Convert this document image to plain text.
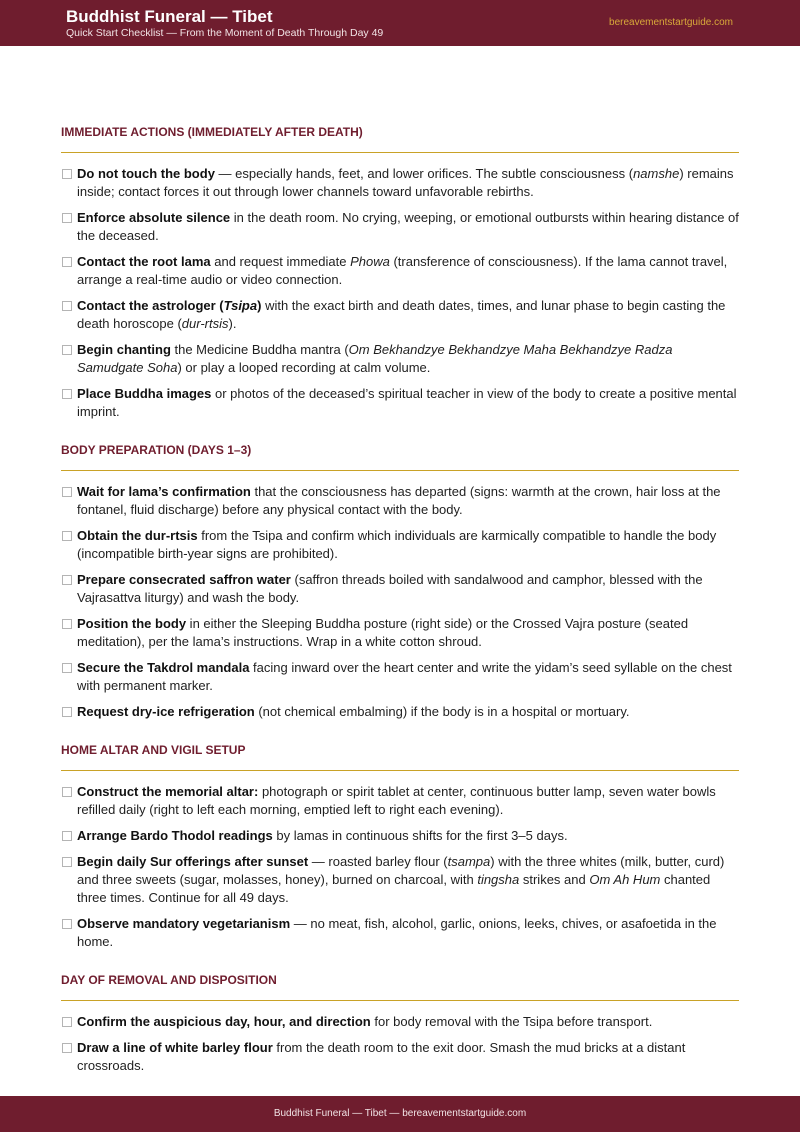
Buddhist Funeral — Tibet
Quick Start Checklist — From the Moment of Death Through Day 49
bereavementstartguide.com
IMMEDIATE ACTIONS (IMMEDIATELY AFTER DEATH)
Do not touch the body — especially hands, feet, and lower orifices. The subtle consciousness (namshe) remains inside; contact forces it out through lower channels toward unfavorable rebirths.
Enforce absolute silence in the death room. No crying, weeping, or emotional outbursts within hearing distance of the deceased.
Contact the root lama and request immediate Phowa (transference of consciousness). If the lama cannot travel, arrange a real-time audio or video connection.
Contact the astrologer (Tsipa) with the exact birth and death dates, times, and lunar phase to begin casting the death horoscope (dur-rtsis).
Begin chanting the Medicine Buddha mantra (Om Bekhandzye Bekhandzye Maha Bekhandzye Radza Samudgate Soha) or play a looped recording at calm volume.
Place Buddha images or photos of the deceased’s spiritual teacher in view of the body to create a positive mental imprint.
BODY PREPARATION (DAYS 1–3)
Wait for lama’s confirmation that the consciousness has departed (signs: warmth at the crown, hair loss at the fontanel, fluid discharge) before any physical contact with the body.
Obtain the dur-rtsis from the Tsipa and confirm which individuals are karmically compatible to handle the body (incompatible birth-year signs are prohibited).
Prepare consecrated saffron water (saffron threads boiled with sandalwood and camphor, blessed with the Vajrasattva liturgy) and wash the body.
Position the body in either the Sleeping Buddha posture (right side) or the Crossed Vajra posture (seated meditation), per the lama’s instructions. Wrap in a white cotton shroud.
Secure the Takdrol mandala facing inward over the heart center and write the yidam’s seed syllable on the chest with permanent marker.
Request dry-ice refrigeration (not chemical embalming) if the body is in a hospital or mortuary.
HOME ALTAR AND VIGIL SETUP
Construct the memorial altar: photograph or spirit tablet at center, continuous butter lamp, seven water bowls refilled daily (right to left each morning, emptied left to right each evening).
Arrange Bardo Thodol readings by lamas in continuous shifts for the first 3–5 days.
Begin daily Sur offerings after sunset — roasted barley flour (tsampa) with the three whites (milk, butter, curd) and three sweets (sugar, molasses, honey), burned on charcoal, with tingsha strikes and Om Ah Hum chanted three times. Continue for all 49 days.
Observe mandatory vegetarianism — no meat, fish, alcohol, garlic, onions, leeks, chives, or asafoetida in the home.
DAY OF REMOVAL AND DISPOSITION
Confirm the auspicious day, hour, and direction for body removal with the Tsipa before transport.
Draw a line of white barley flour from the death room to the exit door. Smash the mud bricks at a distant crossroads.
Buddhist Funeral — Tibet — bereavementstartguide.com
